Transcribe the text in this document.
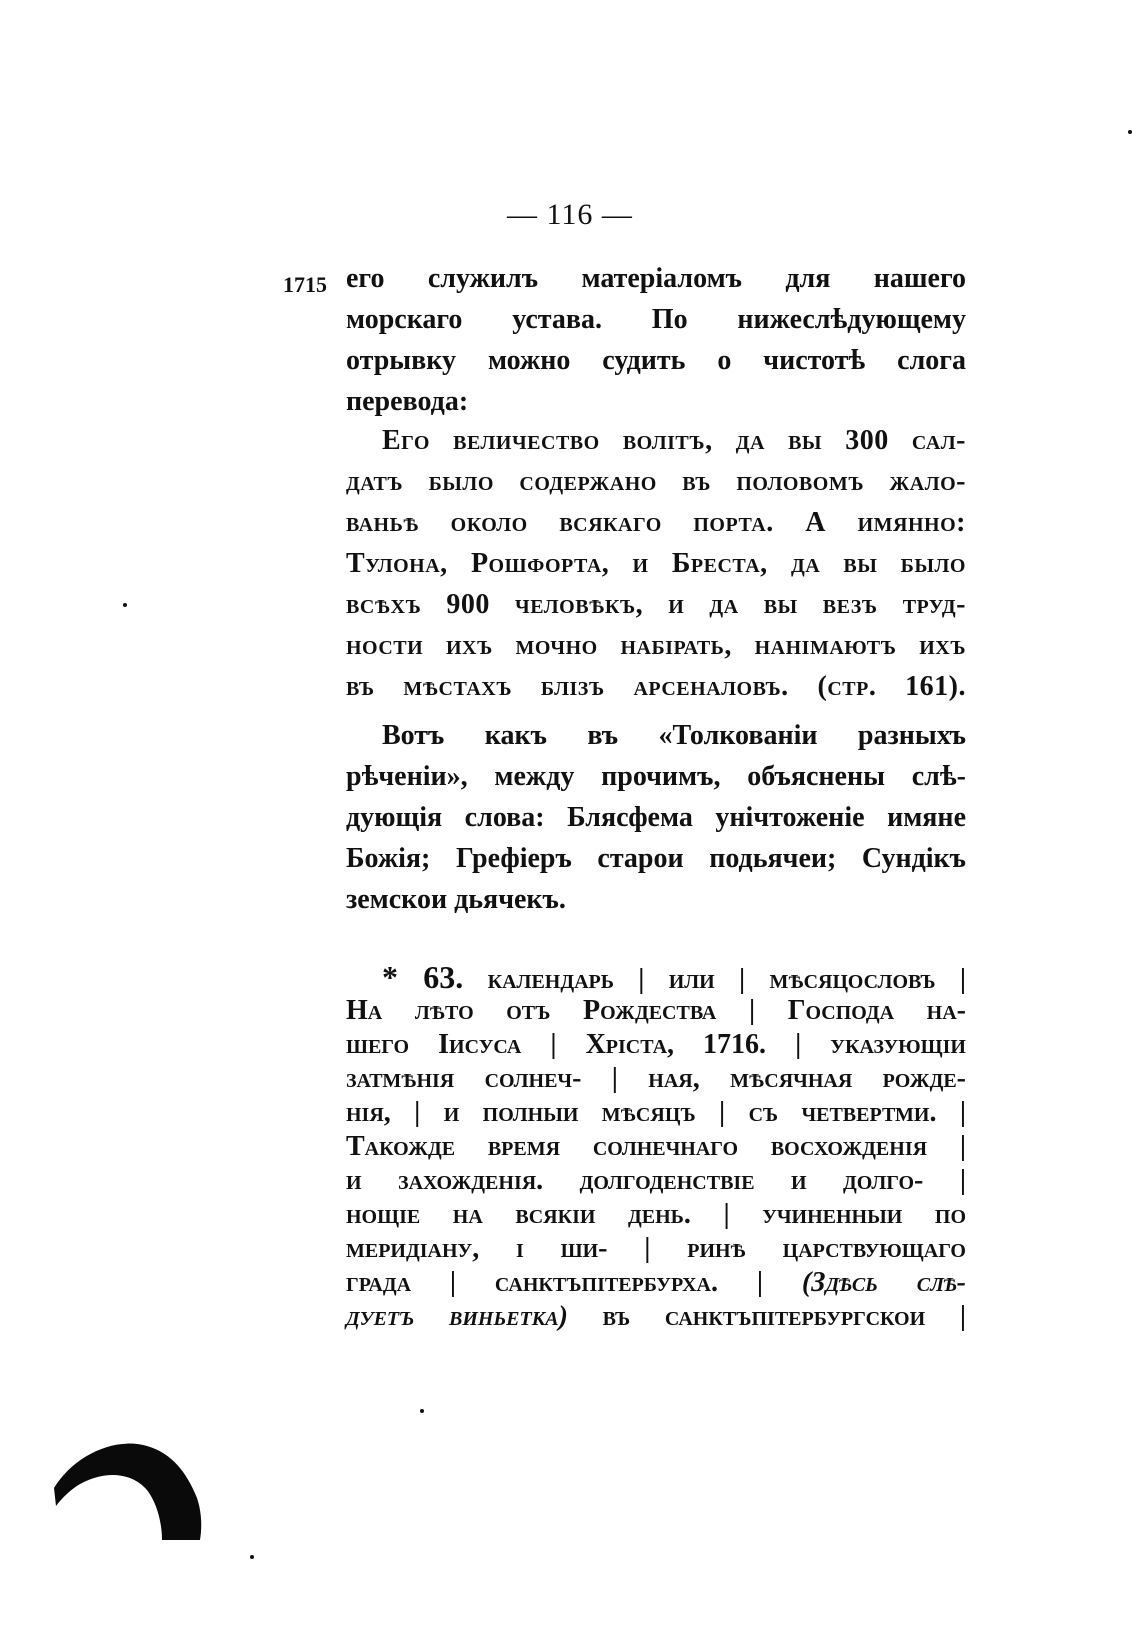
— 116 —
1715 его служилъ матеріаломъ для нашего
морскаго устава. По нижеслѣдующему
отрывку можно судить о чистотѣ слога
перевода:
Его величество волітъ, да вы 300 сал-
датъ было содержано въ половомъ жало-
ваньѣ около всякаго порта. А имянно:
Тулона, Рошфорта, и Бреста, да вы было
всѣхъ 900 человѣкъ, и да вы везъ труд-
ности ихъ мочно набірать, нанімаютъ ихъ
въ мѣстахъ блізъ арсеналовъ. (стр. 161).
Вотъ какъ въ «Толкованіи разныхъ
рѣченіи», между прочимъ, объяснены слѣ-
дующія слова: Блясфема унічтоженіе имяне
Божія; Грефіеръ старои подьячеи; Сундікъ
земскои дьячекъ.
* 63. календарь | или | мѣсяцословъ |
На лѣто отъ Рождества | Господа на-
шего Іисуса | Хріста, 1716. | указующіи
затмѣнія солнеч- | ная, мѣсячная рожде-
нія, | и полныи мѣсяцъ | съ четвертми. |
Такожде время солнечнаго восхожденія |
и захожденія. долгоденствіе и долго- |
нощіе на всякіи день. | учиненныи по
меридіану, і ши- | ринѣ царствующаго
града | санктъпітербурха. | (Здѣсь слѣ-
дуетъ виньетка) въ санктъпітербургскои |
